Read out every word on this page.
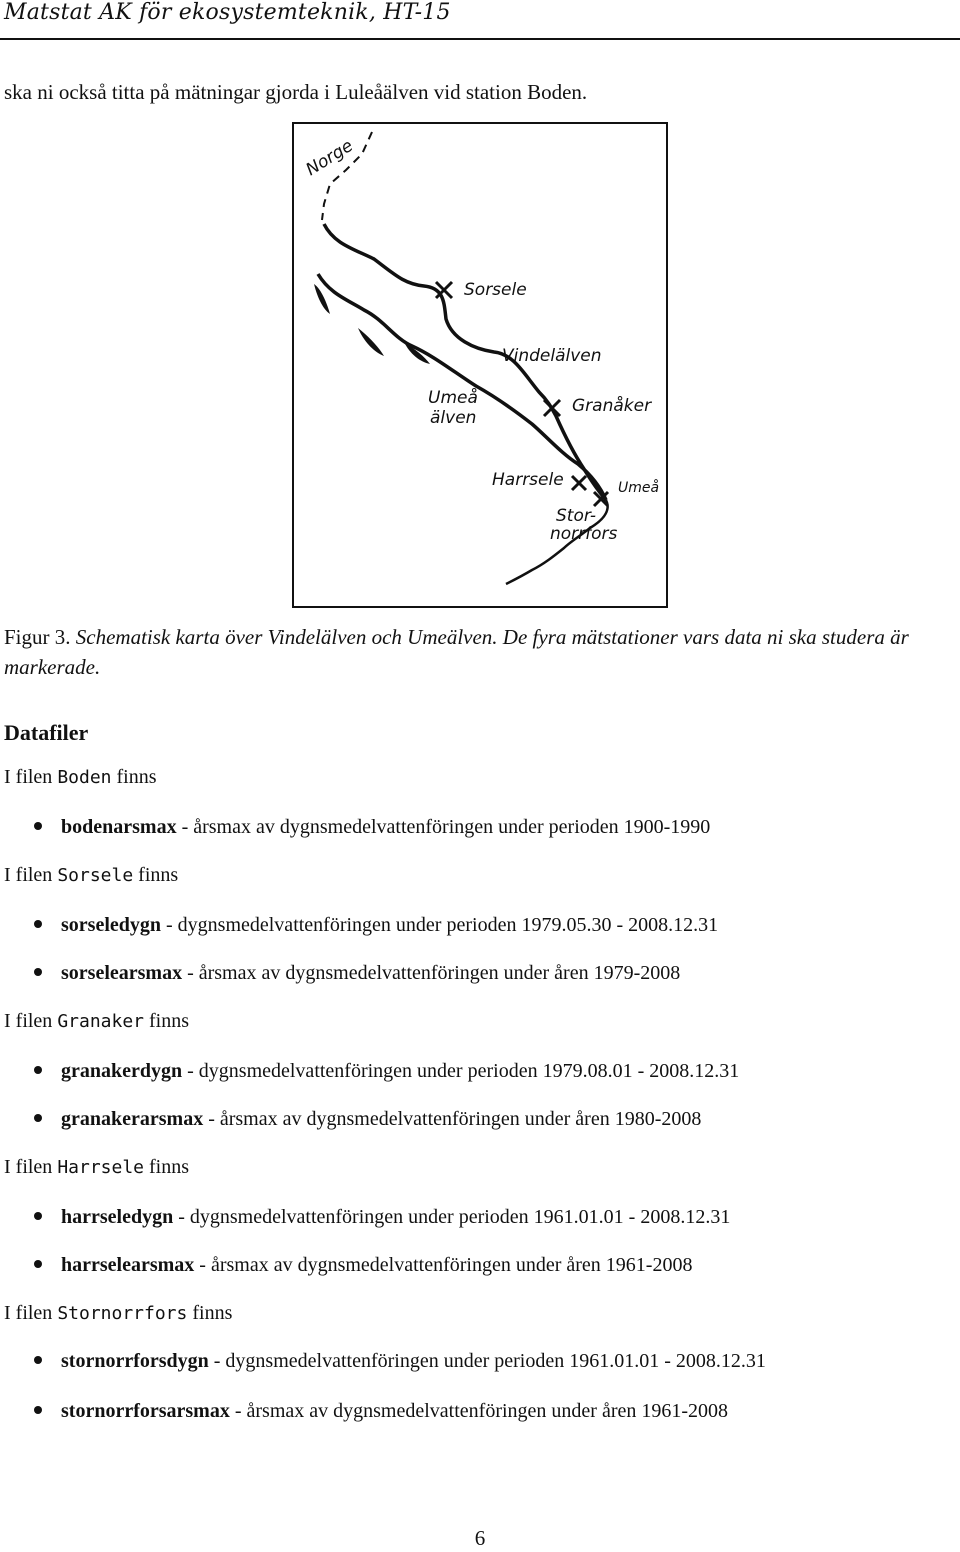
Matstat AK för ekosystemteknik, HT-15
ska ni också titta på mätningar gjorda i Luleåälven vid station Boden.
Norge
Sorsele
Vindelälven
Umeå
älven
Granåker
Harrsele	Umeå
Stor-
norrfors
Figur 3. Schematisk karta över Vindelälven och Umeälven. De fyra mätstationer vars data ni ska studera är markerade.
Datafiler
I filen Boden finns
bodenarsmax - årsmax av dygnsmedelvattenföringen under perioden 1900-1990
I filen Sorsele finns
sorseledygn - dygnsmedelvattenföringen under perioden 1979.05.30 - 2008.12.31
sorselearsmax - årsmax av dygnsmedelvattenföringen under åren 1979-2008
I filen Granaker finns
granakerdygn - dygnsmedelvattenföringen under perioden 1979.08.01 - 2008.12.31
granakerarsmax - årsmax av dygnsmedelvattenföringen under åren 1980-2008
I filen Harrsele finns
harrseledygn - dygnsmedelvattenföringen under perioden 1961.01.01 - 2008.12.31
harrselearsmax - årsmax av dygnsmedelvattenföringen under åren 1961-2008
I filen Stornorrfors finns
stornorrforsdygn - dygnsmedelvattenföringen under perioden 1961.01.01 - 2008.12.31
stornorrforsarsmax - årsmax av dygnsmedelvattenföringen under åren 1961-2008
6
